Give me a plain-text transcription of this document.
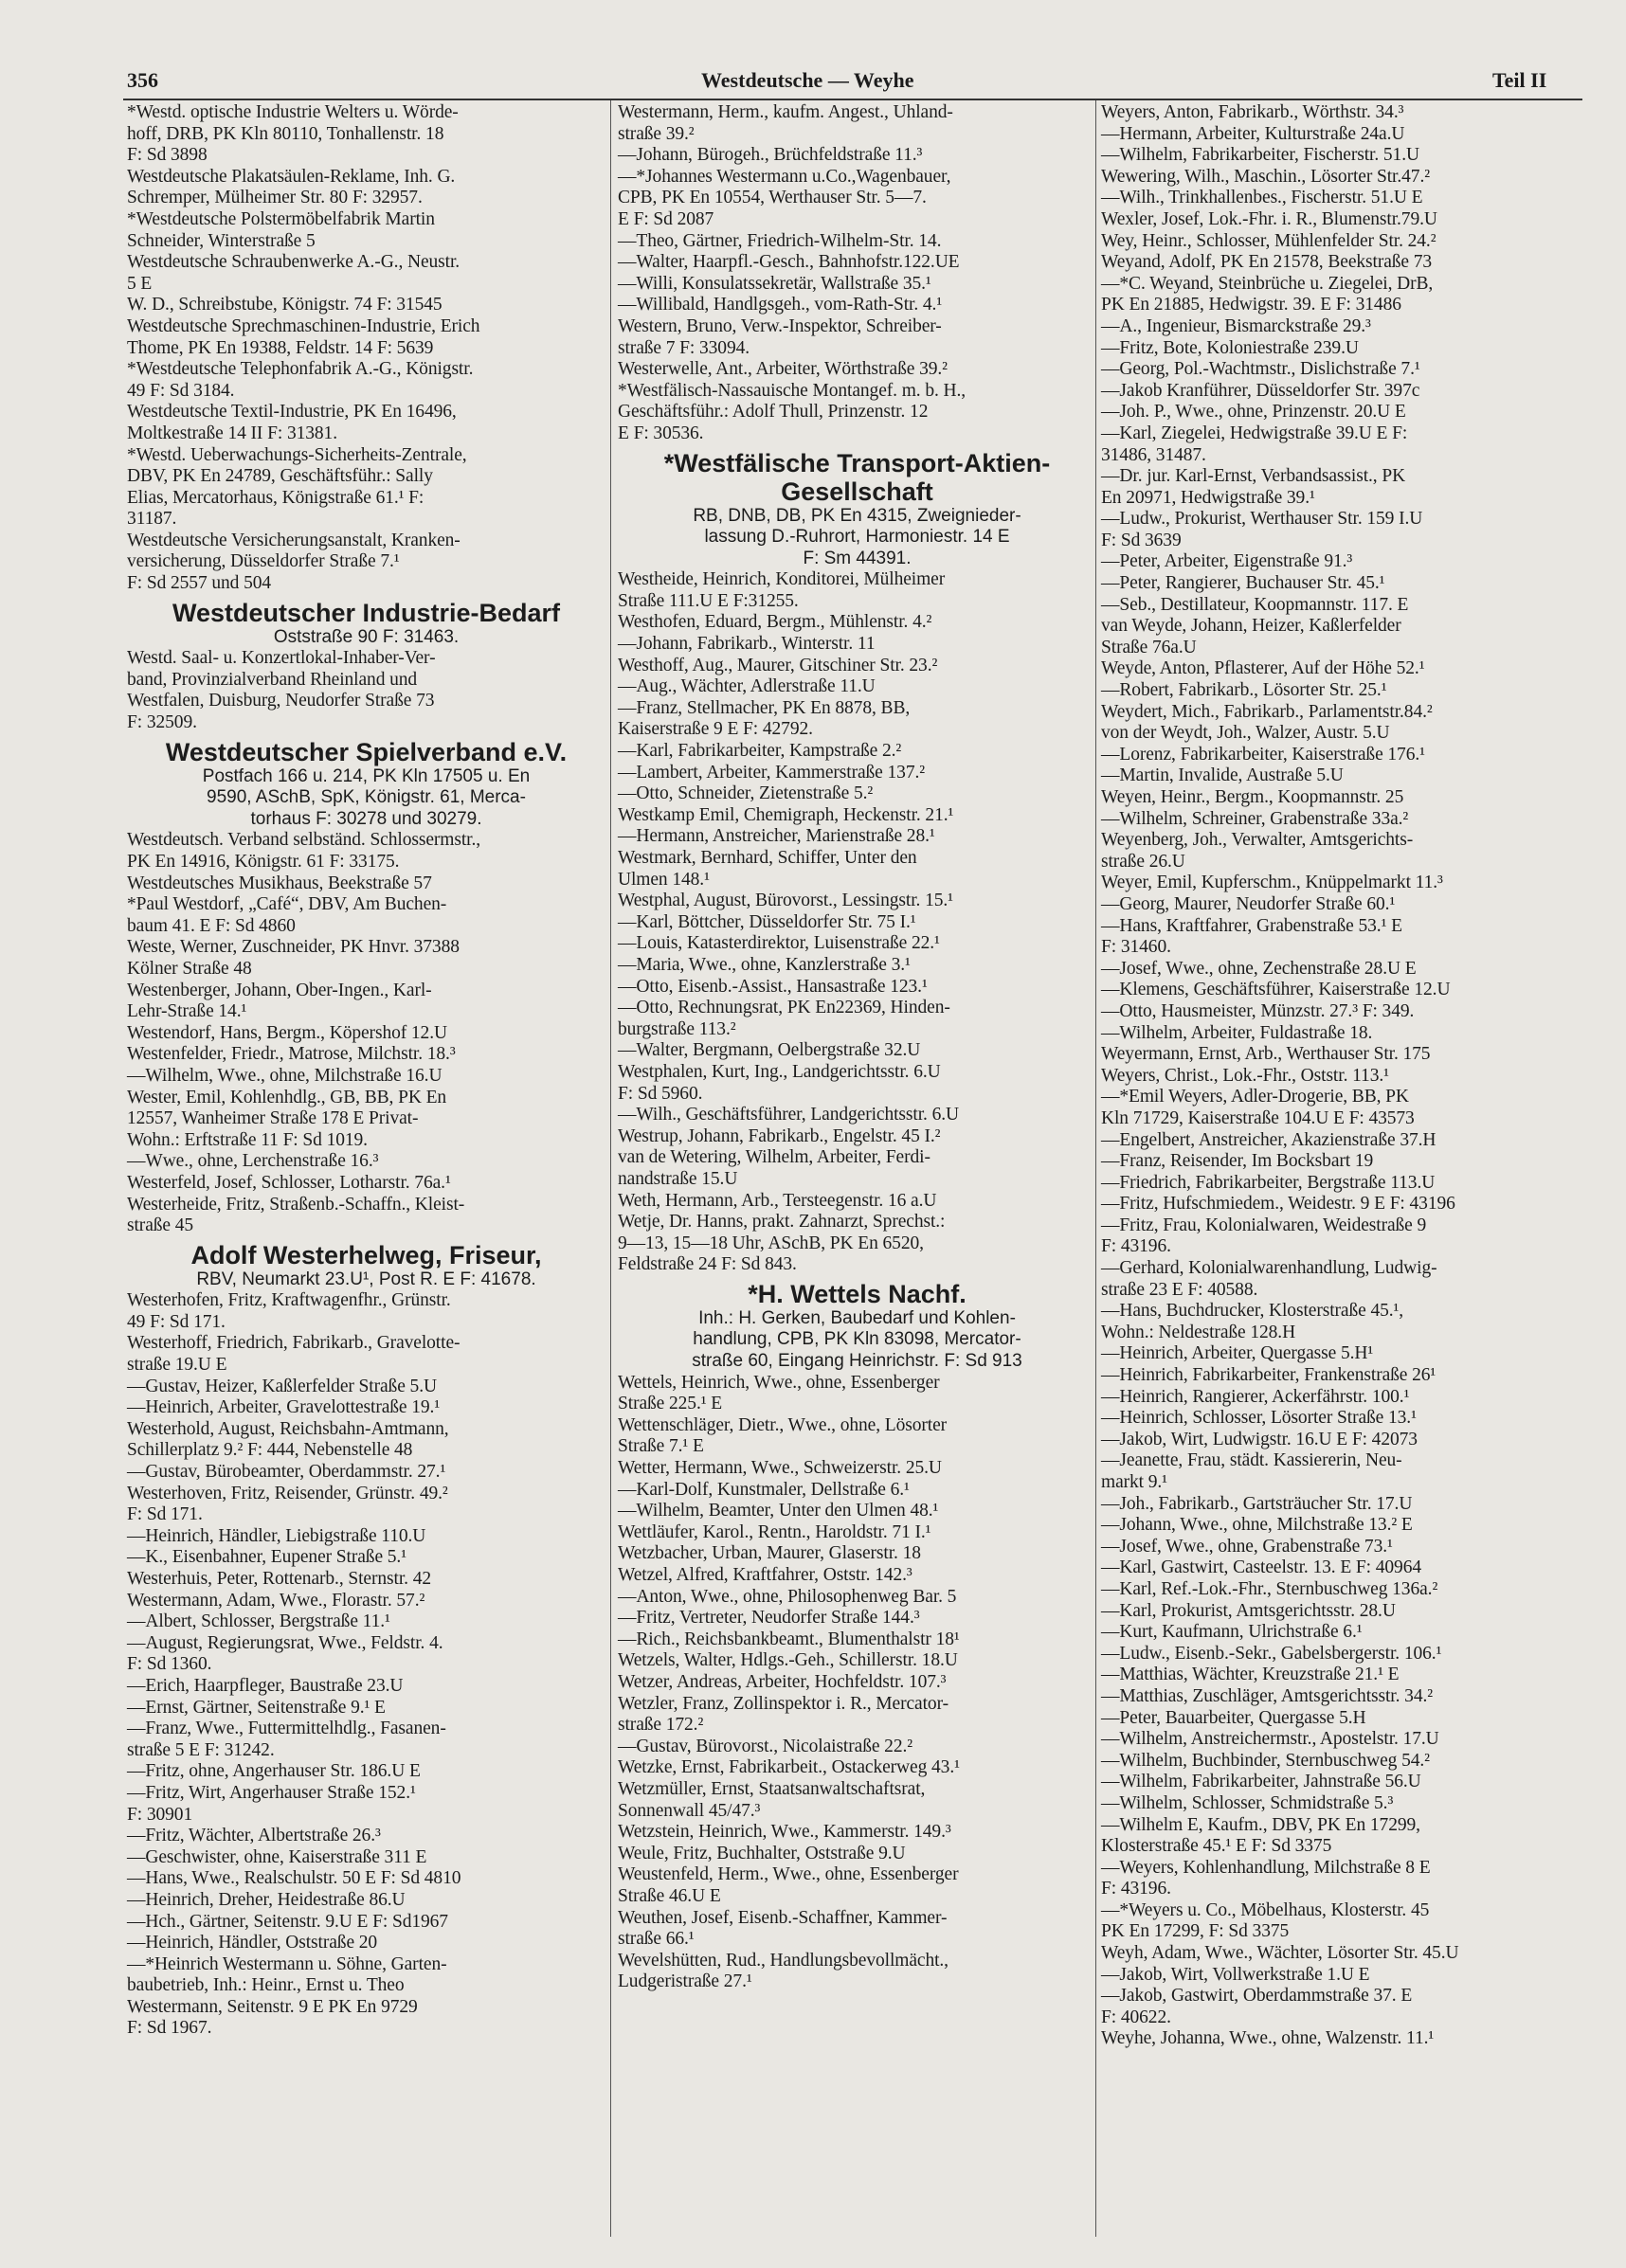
356	Westdeutsche — Weyhe	Teil II
*Westd. optische Industrie Welters u. Wörde-
hoff, DRB, PK Kln 80110, Tonhallenstr. 18
F: Sd 3898
Westdeutsche Plakatsäulen-Reklame, Inh. G.
Schremper, Mülheimer Str. 80 F: 32957.
*Westdeutsche Polstermöbelfabrik Martin
Schneider, Winterstraße 5
Westdeutsche Schraubenwerke A.-G., Neustr.
5 E
W. D., Schreibstube, Königstr. 74 F: 31545
Westdeutsche Sprechmaschinen-Industrie, Erich
Thome, PK En 19388, Feldstr. 14 F: 5639
*Westdeutsche Telephonfabrik A.-G., Königstr.
49 F: Sd 3184.
Westdeutsche Textil-Industrie, PK En 16496,
Moltkestraße 14 II F: 31381.
*Westd. Ueberwachungs-Sicherheits-Zentrale,
DBV, PK En 24789, Geschäftsführ.: Sally
Elias, Mercatorhaus, Königstraße 61.¹ F:
31187.
Westdeutsche Versicherungsanstalt, Kranken-
versicherung, Düsseldorfer Straße 7.¹
F: Sd 2557 und 504
Westdeutscher Industrie-Bedarf
Oststraße 90 F: 31463.
Westd. Saal- u. Konzertlokal-Inhaber-Ver-
band, Provinzialverband Rheinland und
Westfalen, Duisburg, Neudorfer Straße 73
F: 32509.
Westdeutscher Spielverband e.V.
Postfach 166 u. 214, PK Kln 17505 u. En
9590, ASchB, SpK, Königstr. 61, Merca-
torhaus F: 30278 und 30279.
Westdeutsch. Verband selbständ. Schlossermstr.,
PK En 14916, Königstr. 61 F: 33175.
Westdeutsches Musikhaus, Beekstraße 57
*Paul Westdorf, „Café“, DBV, Am Buchen-
baum 41. E F: Sd 4860
Weste, Werner, Zuschneider, PK Hnvr. 37388
Kölner Straße 48
Westenberger, Johann, Ober-Ingen., Karl-
Lehr-Straße 14.¹
Westendorf, Hans, Bergm., Köpershof 12.U
Westenfelder, Friedr., Matrose, Milchstr. 18.³
—Wilhelm, Wwe., ohne, Milchstraße 16.U
Wester, Emil, Kohlenhdlg., GB, BB, PK En
12557, Wanheimer Straße 178 E Privat-
Wohn.: Erftstraße 11 F: Sd 1019.
—Wwe., ohne, Lerchenstraße 16.³
Westerfeld, Josef, Schlosser, Lotharstr. 76a.¹
Westerheide, Fritz, Straßenb.-Schaffn., Kleist-
straße 45
Adolf Westerhelweg, Friseur,
RBV, Neumarkt 23.U¹, Post R. E F: 41678.
Westerhofen, Fritz, Kraftwagenfhr., Grünstr.
49 F: Sd 171.
Westerhoff, Friedrich, Fabrikarb., Gravelotte-
straße 19.U E
—Gustav, Heizer, Kaßlerfelder Straße 5.U
—Heinrich, Arbeiter, Gravelottestraße 19.¹
Westerhold, August, Reichsbahn-Amtmann,
Schillerplatz 9.² F: 444, Nebenstelle 48
—Gustav, Bürobeamter, Oberdammstr. 27.¹
Westerhoven, Fritz, Reisender, Grünstr. 49.²
F: Sd 171.
—Heinrich, Händler, Liebigstraße 110.U
—K., Eisenbahner, Eupener Straße 5.¹
Westerhuis, Peter, Rottenarb., Sternstr. 42
Westermann, Adam, Wwe., Florastr. 57.²
—Albert, Schlosser, Bergstraße 11.¹
—August, Regierungsrat, Wwe., Feldstr. 4.
F: Sd 1360.
—Erich, Haarpfleger, Baustraße 23.U
—Ernst, Gärtner, Seitenstraße 9.¹ E
—Franz, Wwe., Futtermittelhdlg., Fasanen-
straße 5 E F: 31242.
—Fritz, ohne, Angerhauser Str. 186.U E
—Fritz, Wirt, Angerhauser Straße 152.¹
F: 30901
—Fritz, Wächter, Albertstraße 26.³
—Geschwister, ohne, Kaiserstraße 311 E
—Hans, Wwe., Realschulstr. 50 E F: Sd 4810
—Heinrich, Dreher, Heidestraße 86.U
—Hch., Gärtner, Seitenstr. 9.U E F: Sd1967
—Heinrich, Händler, Oststraße 20
—*Heinrich Westermann u. Söhne, Garten-
baubetrieb, Inh.: Heinr., Ernst u. Theo
Westermann, Seitenstr. 9 E PK En 9729
F: Sd 1967.
Westermann, Herm., kaufm. Angest., Uhland-
straße 39.²
—Johann, Bürogeh., Brüchfeldstraße 11.³
—*Johannes Westermann u.Co.,Wagenbauer,
CPB, PK En 10554, Werthauser Str. 5—7.
E F: Sd 2087
—Theo, Gärtner, Friedrich-Wilhelm-Str. 14.
—Walter, Haarpfl.-Gesch., Bahnhofstr.122.UE
—Willi, Konsulatssekretär, Wallstraße 35.¹
—Willibald, Handlgsgeh., vom-Rath-Str. 4.¹
Western, Bruno, Verw.-Inspektor, Schreiber-
straße 7 F: 33094.
Westerwelle, Ant., Arbeiter, Wörthstraße 39.²
*Westfälisch-Nassauische Montangef. m. b. H.,
Geschäftsführ.: Adolf Thull, Prinzenstr. 12
E F: 30536.
*Westfälische Transport-Aktien-
Gesellschaft
RB, DNB, DB, PK En 4315, Zweignieder-
lassung D.-Ruhrort, Harmoniestr. 14 E
F: Sm 44391.
Westheide, Heinrich, Konditorei, Mülheimer
Straße 111.U E F:31255.
Westhofen, Eduard, Bergm., Mühlenstr. 4.²
—Johann, Fabrikarb., Winterstr. 11
Westhoff, Aug., Maurer, Gitschiner Str. 23.²
—Aug., Wächter, Adlerstraße 11.U
—Franz, Stellmacher, PK En 8878, BB,
Kaiserstraße 9 E F: 42792.
—Karl, Fabrikarbeiter, Kampstraße 2.²
—Lambert, Arbeiter, Kammerstraße 137.²
—Otto, Schneider, Zietenstraße 5.²
Westkamp Emil, Chemigraph, Heckenstr. 21.¹
—Hermann, Anstreicher, Marienstraße 28.¹
Westmark, Bernhard, Schiffer, Unter den
Ulmen 148.¹
Westphal, August, Bürovorst., Lessingstr. 15.¹
—Karl, Böttcher, Düsseldorfer Str. 75 I.¹
—Louis, Katasterdirektor, Luisenstraße 22.¹
—Maria, Wwe., ohne, Kanzlerstraße 3.¹
—Otto, Eisenb.-Assist., Hansastraße 123.¹
—Otto, Rechnungsrat, PK En22369, Hinden-
burgstraße 113.²
—Walter, Bergmann, Oelbergstraße 32.U
Westphalen, Kurt, Ing., Landgerichtsstr. 6.U
F: Sd 5960.
—Wilh., Geschäftsführer, Landgerichtsstr. 6.U
Westrup, Johann, Fabrikarb., Engelstr. 45 I.²
van de Wetering, Wilhelm, Arbeiter, Ferdi-
nandstraße 15.U
Weth, Hermann, Arb., Tersteegenstr. 16 a.U
Wetje, Dr. Hanns, prakt. Zahnarzt, Sprechst.:
9—13, 15—18 Uhr, ASchB, PK En 6520,
Feldstraße 24 F: Sd 843.
*H. Wettels Nachf.
Inh.: H. Gerken, Baubedarf und Kohlen-
handlung, CPB, PK Kln 83098, Mercator-
straße 60, Eingang Heinrichstr. F: Sd 913
Wettels, Heinrich, Wwe., ohne, Essenberger
Straße 225.¹ E
Wettenschläger, Dietr., Wwe., ohne, Lösorter
Straße 7.¹ E
Wetter, Hermann, Wwe., Schweizerstr. 25.U
—Karl-Dolf, Kunstmaler, Dellstraße 6.¹
—Wilhelm, Beamter, Unter den Ulmen 48.¹
Wettläufer, Karol., Rentn., Haroldstr. 71 I.¹
Wetzbacher, Urban, Maurer, Glaserstr. 18
Wetzel, Alfred, Kraftfahrer, Oststr. 142.³
—Anton, Wwe., ohne, Philosophenweg Bar. 5
—Fritz, Vertreter, Neudorfer Straße 144.³
—Rich., Reichsbankbeamt., Blumenthalstr 18¹
Wetzels, Walter, Hdlgs.-Geh., Schillerstr. 18.U
Wetzer, Andreas, Arbeiter, Hochfeldstr. 107.³
Wetzler, Franz, Zollinspektor i. R., Mercator-
straße 172.²
—Gustav, Bürovorst., Nicolaistraße 22.²
Wetzke, Ernst, Fabrikarbeit., Ostackerweg 43.¹
Wetzmüller, Ernst, Staatsanwaltschaftsrat,
Sonnenwall 45/47.³
Wetzstein, Heinrich, Wwe., Kammerstr. 149.³
Weule, Fritz, Buchhalter, Oststraße 9.U
Weustenfeld, Herm., Wwe., ohne, Essenberger
Straße 46.U E
Weuthen, Josef, Eisenb.-Schaffner, Kammer-
straße 66.¹
Wevelshütten, Rud., Handlungsbevollmächt.,
Ludgeristraße 27.¹
Weyers, Anton, Fabrikarb., Wörthstr. 34.³
—Hermann, Arbeiter, Kulturstraße 24a.U
—Wilhelm, Fabrikarbeiter, Fischerstr. 51.U
Wewering, Wilh., Maschin., Lösorter Str.47.²
—Wilh., Trinkhallenbes., Fischerstr. 51.U E
Wexler, Josef, Lok.-Fhr. i. R., Blumenstr.79.U
Wey, Heinr., Schlosser, Mühlenfelder Str. 24.²
Weyand, Adolf, PK En 21578, Beekstraße 73
—*C. Weyand, Steinbrüche u. Ziegelei, DrB,
PK En 21885, Hedwigstr. 39. E F: 31486
—A., Ingenieur, Bismarckstraße 29.³
—Fritz, Bote, Koloniestraße 239.U
—Georg, Pol.-Wachtmstr., Dislichstraße 7.¹
—Jakob Kranführer, Düsseldorfer Str. 397c
—Joh. P., Wwe., ohne, Prinzenstr. 20.U E
—Karl, Ziegelei, Hedwigstraße 39.U E F:
31486, 31487.
—Dr. jur. Karl-Ernst, Verbandsassist., PK
En 20971, Hedwigstraße 39.¹
—Ludw., Prokurist, Werthauser Str. 159 I.U
F: Sd 3639
—Peter, Arbeiter, Eigenstraße 91.³
—Peter, Rangierer, Buchauser Str. 45.¹
—Seb., Destillateur, Koopmannstr. 117. E
van Weyde, Johann, Heizer, Kaßlerfelder
Straße 76a.U
Weyde, Anton, Pflasterer, Auf der Höhe 52.¹
—Robert, Fabrikarb., Lösorter Str. 25.¹
Weydert, Mich., Fabrikarb., Parlamentstr.84.²
von der Weydt, Joh., Walzer, Austr. 5.U
—Lorenz, Fabrikarbeiter, Kaiserstraße 176.¹
—Martin, Invalide, Austraße 5.U
Weyen, Heinr., Bergm., Koopmannstr. 25
—Wilhelm, Schreiner, Grabenstraße 33a.²
Weyenberg, Joh., Verwalter, Amtsgerichts-
straße 26.U
Weyer, Emil, Kupferschm., Knüppelmarkt 11.³
—Georg, Maurer, Neudorfer Straße 60.¹
—Hans, Kraftfahrer, Grabenstraße 53.¹ E
F: 31460.
—Josef, Wwe., ohne, Zechenstraße 28.U E
—Klemens, Geschäftsführer, Kaiserstraße 12.U
—Otto, Hausmeister, Münzstr. 27.³ F: 349.
—Wilhelm, Arbeiter, Fuldastraße 18.
Weyermann, Ernst, Arb., Werthauser Str. 175
Weyers, Christ., Lok.-Fhr., Oststr. 113.¹
—*Emil Weyers, Adler-Drogerie, BB, PK
Kln 71729, Kaiserstraße 104.U E F: 43573
—Engelbert, Anstreicher, Akazienstraße 37.H
—Franz, Reisender, Im Bocksbart 19
—Friedrich, Fabrikarbeiter, Bergstraße 113.U
—Fritz, Hufschmiedem., Weidestr. 9 E F: 43196
—Fritz, Frau, Kolonialwaren, Weidestraße 9
F: 43196.
—Gerhard, Kolonialwarenhandlung, Ludwig-
straße 23 E F: 40588.
—Hans, Buchdrucker, Klosterstraße 45.¹,
Wohn.: Neldestraße 128.H
—Heinrich, Arbeiter, Quergasse 5.H¹
—Heinrich, Fabrikarbeiter, Frankenstraße 26¹
—Heinrich, Rangierer, Ackerfährstr. 100.¹
—Heinrich, Schlosser, Lösorter Straße 13.¹
—Jakob, Wirt, Ludwigstr. 16.U E F: 42073
—Jeanette, Frau, städt. Kassiererin, Neu-
markt 9.¹
—Joh., Fabrikarb., Gartsträucher Str. 17.U
—Johann, Wwe., ohne, Milchstraße 13.² E
—Josef, Wwe., ohne, Grabenstraße 73.¹
—Karl, Gastwirt, Casteelstr. 13. E F: 40964
—Karl, Ref.-Lok.-Fhr., Sternbuschweg 136a.²
—Karl, Prokurist, Amtsgerichtsstr. 28.U
—Kurt, Kaufmann, Ulrichstraße 6.¹
—Ludw., Eisenb.-Sekr., Gabelsbergerstr. 106.¹
—Matthias, Wächter, Kreuzstraße 21.¹ E
—Matthias, Zuschläger, Amtsgerichtsstr. 34.²
—Peter, Bauarbeiter, Quergasse 5.H
—Wilhelm, Anstreichermstr., Apostelstr. 17.U
—Wilhelm, Buchbinder, Sternbuschweg 54.²
—Wilhelm, Fabrikarbeiter, Jahnstraße 56.U
—Wilhelm, Schlosser, Schmidstraße 5.³
—Wilhelm E, Kaufm., DBV, PK En 17299,
Klosterstraße 45.¹ E F: Sd 3375
—Weyers, Kohlenhandlung, Milchstraße 8 E
F: 43196.
—*Weyers u. Co., Möbelhaus, Klosterstr. 45
PK En 17299, F: Sd 3375
Weyh, Adam, Wwe., Wächter, Lösorter Str. 45.U
—Jakob, Wirt, Vollwerkstraße 1.U E
—Jakob, Gastwirt, Oberdammstraße 37. E
F: 40622.
Weyhe, Johanna, Wwe., ohne, Walzenstr. 11.¹
